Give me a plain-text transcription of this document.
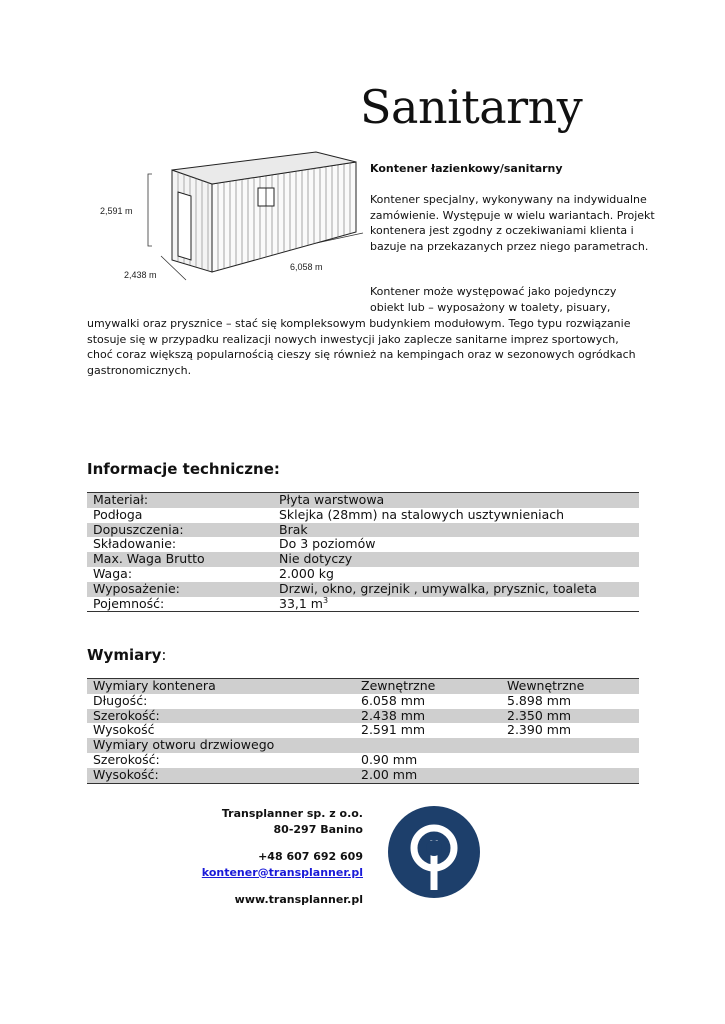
Sanitarny
2,591 m
2,438 m
6,058 m
Kontener łazienkowy/sanitarny
Kontener specjalny, wykonywany na indywidualne zamówienie. Występuje w wielu wariantach. Projekt kontenera jest zgodny z oczekiwaniami klienta i bazuje na przekazanych przez niego parametrach.
Kontener może występować jako pojedynczy obiekt lub – wyposażony w toalety, pisuary,
umywalki oraz prysznice – stać się kompleksowym budynkiem modułowym. Tego typu rozwiązanie stosuje się w przypadku realizacji nowych inwestycji jako zaplecze sanitarne imprez sportowych, choć coraz większą popularnością cieszy się również na kempingach oraz w sezonowych ogródkach gastronomicznych.
Informacje techniczne:
Materiał:	Płyta warstwowa
Podłoga	Sklejka (28mm) na stalowych usztywnieniach
Dopuszczenia:	Brak
Składowanie:	Do 3 poziomów
Max. Waga Brutto	Nie dotyczy
Waga:	2.000 kg
Wyposażenie:	Drzwi, okno, grzejnik , umywalka, prysznic, toaleta
Pojemność:	33,1 $m^3$
Wymiary:
Wymiary kontenera	Zewnętrzne	Wewnętrzne
Długość:	6.058 mm	5.898 mm
Szerokość:	2.438 mm	2.350 mm
Wysokość	2.591 mm	2.390 mm
Wymiary otworu drzwiowego		
Szerokość:	0.90 mm	
Wysokość:	2.00 mm	
Transplanner sp. z o.o.
80-297 Banino
+48 607 692 609
kontener@transplanner.pl
www.transplanner.pl
